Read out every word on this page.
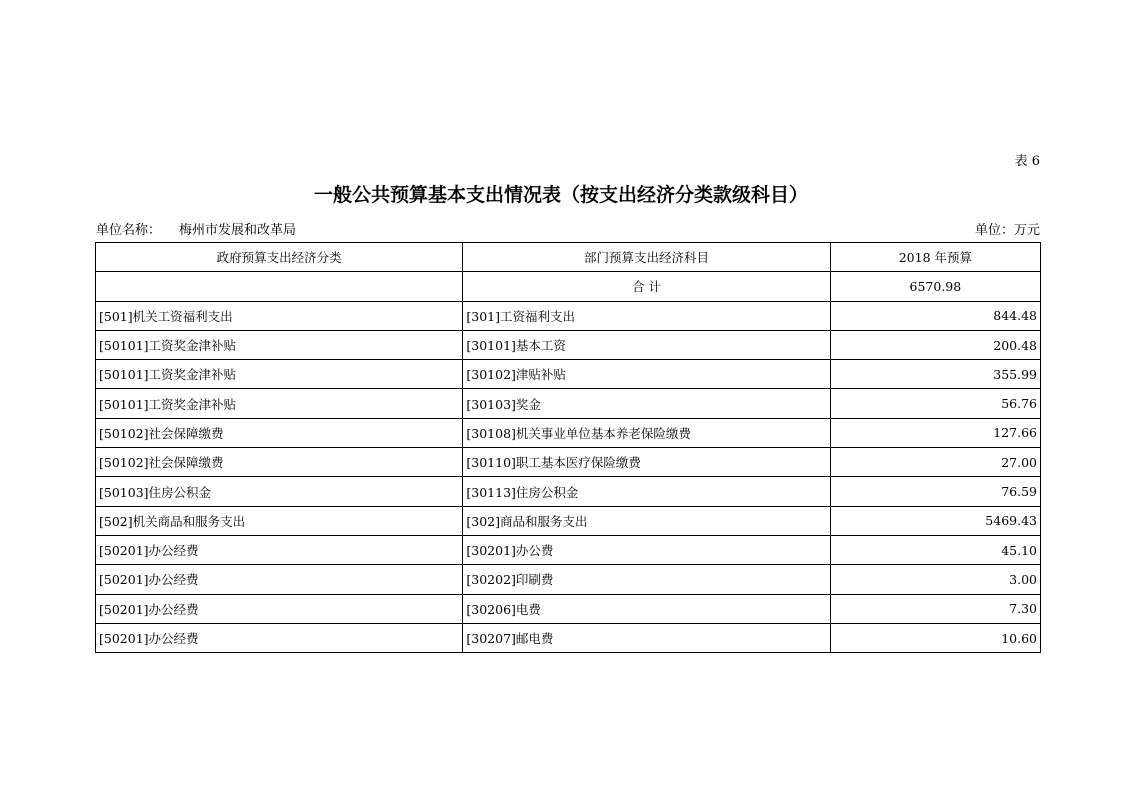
表 6
一般公共预算基本支出情况表（按支出经济分类款级科目）
单位名称： 梅州市发展和改革局	单位：万元
政府预算支出经济分类	部门预算支出经济科目	2018 年预算
	合 计	6570.98
[501]机关工资福利支出	[301]工资福利支出	844.48
[50101]工资奖金津补贴	[30101]基本工资	200.48
[50101]工资奖金津补贴	[30102]津贴补贴	355.99
[50101]工资奖金津补贴	[30103]奖金	56.76
[50102]社会保障缴费	[30108]机关事业单位基本养老保险缴费	127.66
[50102]社会保障缴费	[30110]职工基本医疗保险缴费	27.00
[50103]住房公积金	[30113]住房公积金	76.59
[502]机关商品和服务支出	[302]商品和服务支出	5469.43
[50201]办公经费	[30201]办公费	45.10
[50201]办公经费	[30202]印刷费	3.00
[50201]办公经费	[30206]电费	7.30
[50201]办公经费	[30207]邮电费	10.60
